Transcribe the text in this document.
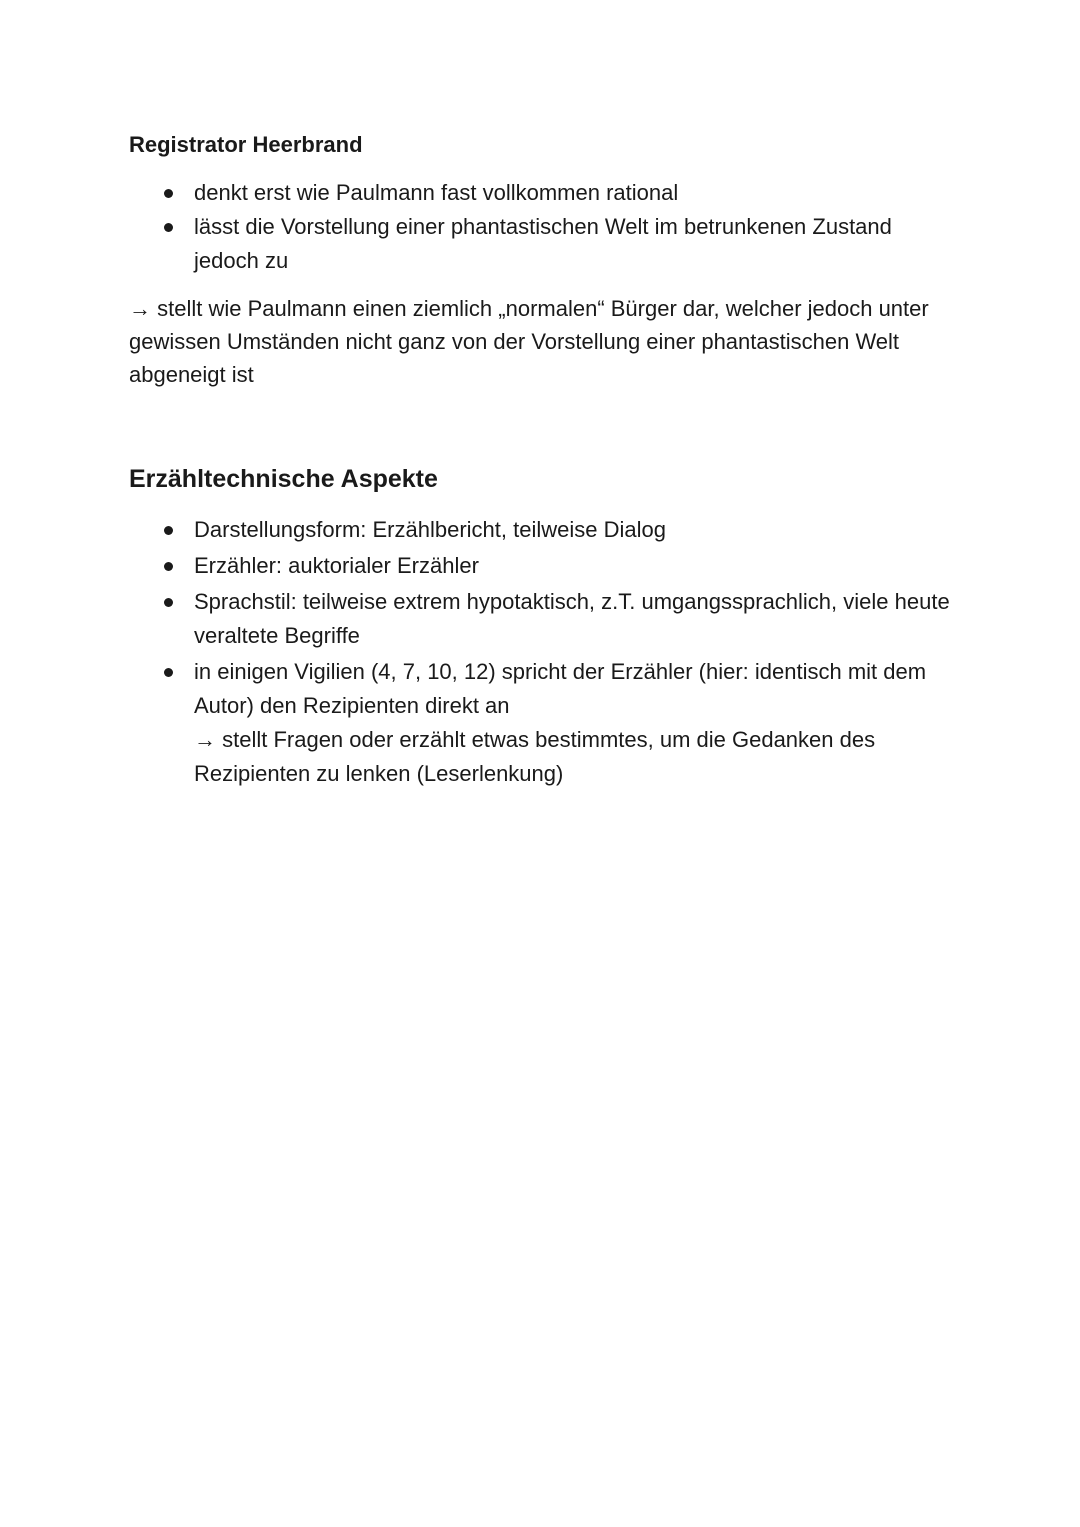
Registrator Heerbrand
denkt erst wie Paulmann fast vollkommen rational
lässt die Vorstellung einer phantastischen Welt im betrunkenen Zustand jedoch zu

→ stellt wie Paulmann einen ziemlich „normalen“ Bürger dar, welcher jedoch unter gewissen Umständen nicht ganz von der Vorstellung einer phantastischen Welt abgeneigt ist

Erzähltechnische Aspekte
Darstellungsform: Erzählbericht, teilweise Dialog
Erzähler: auktorialer Erzähler
Sprachstil: teilweise extrem hypotaktisch, z.T. umgangssprachlich, viele heute veraltete Begriffe
in einigen Vigilien (4, 7, 10, 12) spricht der Erzähler (hier: identisch mit dem Autor) den Rezipienten direkt an
→ stellt Fragen oder erzählt etwas bestimmtes, um die Gedanken des Rezipienten zu lenken (Leserlenkung)
